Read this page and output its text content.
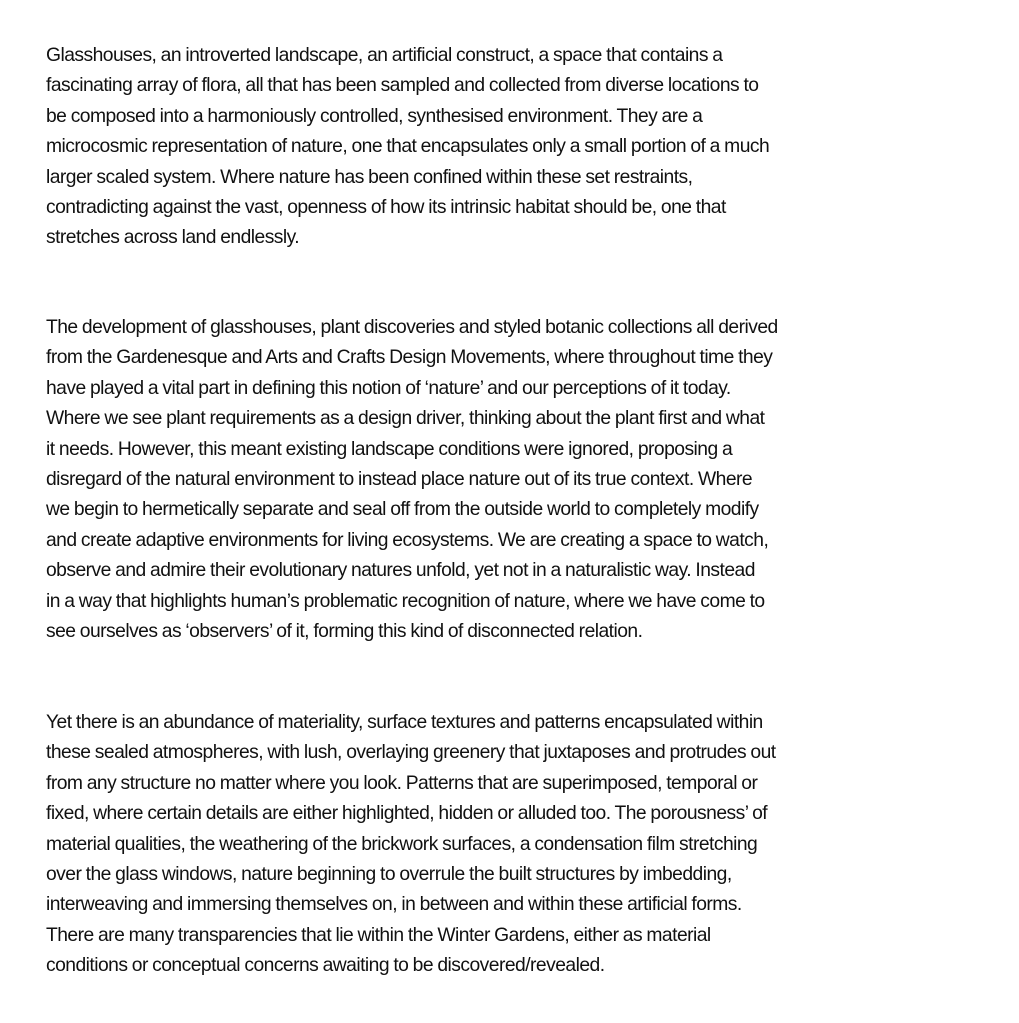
Glasshouses, an introverted landscape, an artificial construct, a space that contains a
fascinating array of flora, all that has been sampled and collected from diverse locations to
be composed into a harmoniously controlled, synthesised environment. They are a
microcosmic representation of nature, one that encapsulates only a small portion of a much
larger scaled system. Where nature has been confined within these set restraints,
contradicting against the vast, openness of how its intrinsic habitat should be, one that
stretches across land endlessly.
The development of glasshouses, plant discoveries and styled botanic collections all derived
from the Gardenesque and Arts and Crafts Design Movements, where throughout time they
have played a vital part in defining this notion of ‘nature’ and our perceptions of it today.
Where we see plant requirements as a design driver, thinking about the plant first and what
it needs. However, this meant existing landscape conditions were ignored, proposing a
disregard of the natural environment to instead place nature out of its true context. Where
we begin to hermetically separate and seal off from the outside world to completely modify
and create adaptive environments for living ecosystems. We are creating a space to watch,
observe and admire their evolutionary natures unfold, yet not in a naturalistic way. Instead
in a way that highlights human’s problematic recognition of nature, where we have come to
see ourselves as ‘observers’ of it, forming this kind of disconnected relation.
Yet there is an abundance of materiality, surface textures and patterns encapsulated within
these sealed atmospheres, with lush, overlaying greenery that juxtaposes and protrudes out
from any structure no matter where you look. Patterns that are superimposed, temporal or
fixed, where certain details are either highlighted, hidden or alluded too. The porousness’ of
material qualities, the weathering of the brickwork surfaces, a condensation film stretching
over the glass windows, nature beginning to overrule the built structures by imbedding,
interweaving and immersing themselves on, in between and within these artificial forms.
There are many transparencies that lie within the Winter Gardens, either as material
conditions or conceptual concerns awaiting to be discovered/revealed.
